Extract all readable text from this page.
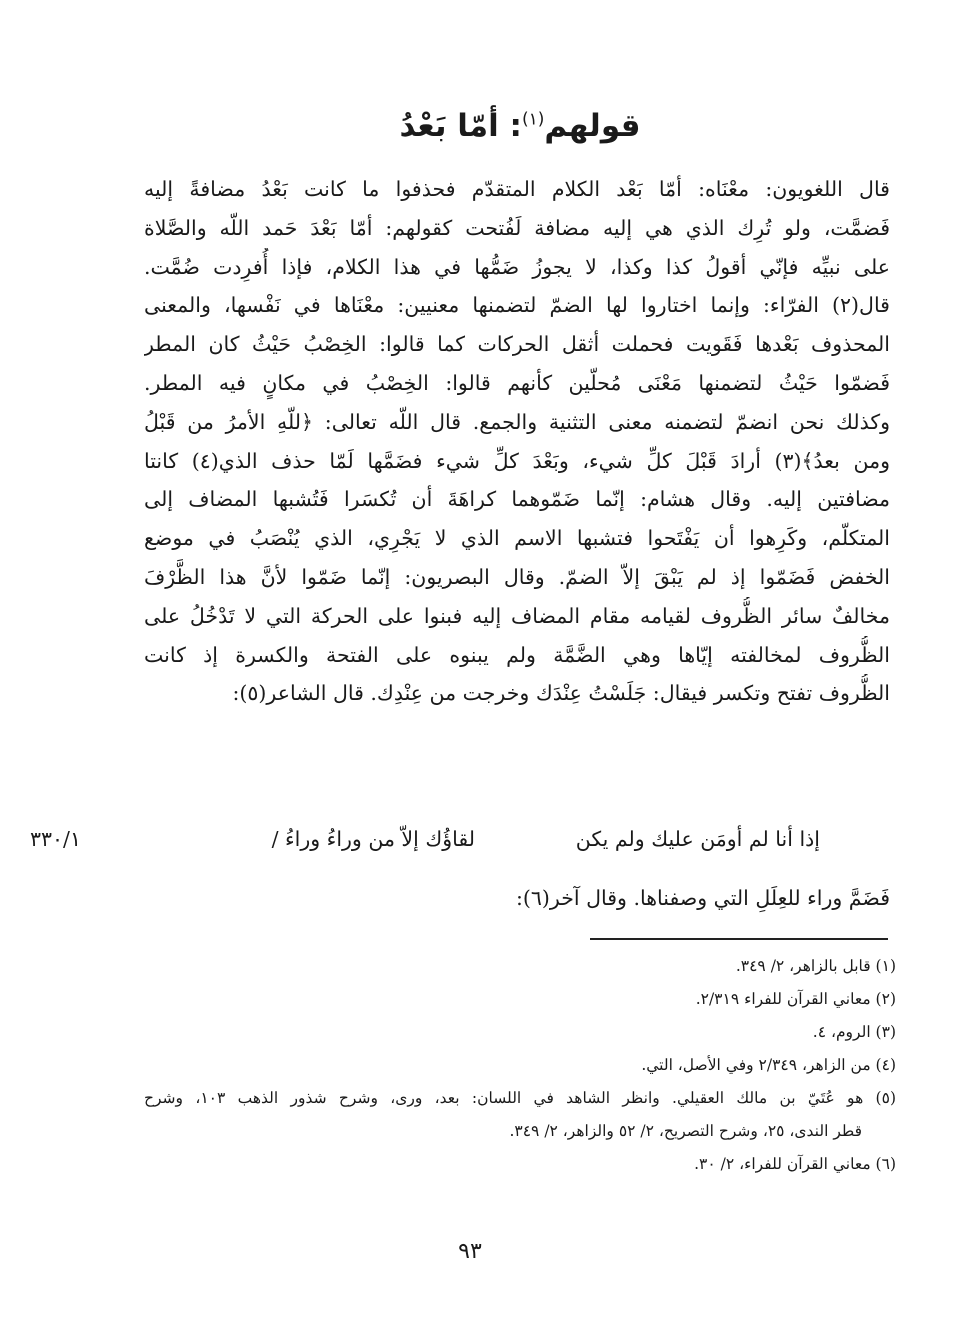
قولهم$^{(١)}$: أمّا بَعْدُ
قال اللغويون: معْنَاه: أمّا بَعْد الكلام المتقدّم فحذفوا ما كانت بَعْدُ مضافةً إليه
فَضمَّت، ولو تُرِك الذي هي إليه مضافة لَفُتحت كقولهم: أمّا بَعْدَ حَمد اللّه والصَّلاة
على نبيِّه فإنّي أقولُ كذا وكذا، لا يجوزُ ضَمُّها في هذا الكلام، فإذا أُفرِدت ضُمَّت.
قال(٢) الفرّاء: وإنما اختاروا لها الضمّ لتضمنها معنيين: معْنَاها في نَفْسها، والمعنى
المحذوف بَعْدها فَقَويت فحملت أثقل الحركات كما قالوا: الخِصْبُ حَيْثُ كان المطر
فَضمّوا حَيْثُ لتضمنها مَعْنَى مُحلّين كأنهم قالوا: الخِصْبُ في مكانٍ فيه المطر.
وكذلك نحن انضمّ لتضمنه معنى التثنية والجمع. قال اللّه تعالى: ﴿للّهِ الأمرُ من قَبْلُ
ومن بعدُ﴾(٣) أرادَ قَبْلَ كلِّ شيء، وبَعْدَ كلِّ شيء فضَمَّها لَمّا حذف الذي(٤) كانتا
مضافتين إليه. وقال هشام: إنّما ضَمّوهما كراهَةَ أن تُكسَرا فَتُشبها المضاف إلى
المتكلّم، وكَرِهوا أن يَفْتَحوا فتشبها الاسم الذي لا يَجْرِي، الذي يُنْصَبُ في موضع
الخفض فَضَمّوا إذ لم يَبْقَ إلاّ الضمّ. وقال البصريون: إنّما ضَمّوا لأنَّ هذا الظَّرْفَ
مخالفٌ سائر الظُّروف لقيامه مقام المضاف إليه فبنوا على الحركة التي لا تَدْخُلُ على
الظُّروف لمخالفته إيّاها وهي الضَّمَّة ولم يبنوه على الفتحة والكسرة إذ كانت
الظُّروف تفتح وتكسر فيقال: جَلَسْتُ عِنْدَك وخرجت من عِنْدِك. قال الشاعر(٥):
إذا أنا لم أومَن عليك ولم يكن
لقاؤُك إلاّ من وراءُ وراءُ /
٣٣٠/١
فَضَمَّ وراء للعِلَلِ التي وصفناها. وقال آخر(٦):
(١) قابل بالزاهر، ٢/ ٣٤٩.
(٢) معاني القرآن للفراء ٢/٣١٩.
(٣) الروم، ٤.
(٤) من الزاهر، ٢/٣٤٩ وفي الأصل، التي.
(٥) هو عُتَيّ بن مالك العقيلي. وانظر الشاهد في اللسان: بعد، ورى، وشرح شذور الذهب ١٠٣، وشرح
قطر الندى، ٢٥، وشرح التصريح، ٢/ ٥٢ والزاهر، ٢/ ٣٤٩.
(٦) معاني القرآن للفراء، ٢/ ٣٠.
٩٣
